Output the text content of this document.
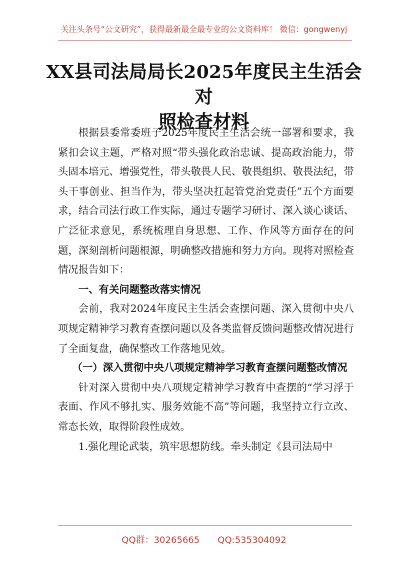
关注头条号“公文研究”，获得最新最全最专业的公文资料库！ 微信：gongwenyj
XX县司法局局长2025年度民主生活会对
照检查材料

根据县委常委班子2025年度民主生活会统一部署和要求，我紧扣会议主题，严格对照“带头强化政治忠诚、提高政治能力，带头固本培元、增强党性，带头敬畏人民、敬畏组织、敬畏法纪，带头干事创业、担当作为，带头坚决扛起管党治党责任”五个方面要求，结合司法行政工作实际，通过专题学习研讨、深入谈心谈话、广泛征求意见，系统梳理自身思想、工作、作风等方面存在的问题，深刻剖析问题根源，明确整改措施和努力方向。现将对照检查情况报告如下：

一、有关问题整改落实情况

会前，我对2024年度民主生活会查摆问题、深入贯彻中央八项规定精神学习教育查摆问题以及各类监督反馈问题整改情况进行了全面复盘，确保整改工作落地见效。

（一）深入贯彻中央八项规定精神学习教育查摆问题整改情况

针对深入贯彻中央八项规定精神学习教育中查摆的“学习浮于表面、作风不够扎实、服务效能不高”等问题，我坚持立行立改、常态长效，取得阶段性成效。

1.强化理论武装，筑牢思想防线。牵头制定《县司法局中

QQ群：30265665　　QQ:535304092
